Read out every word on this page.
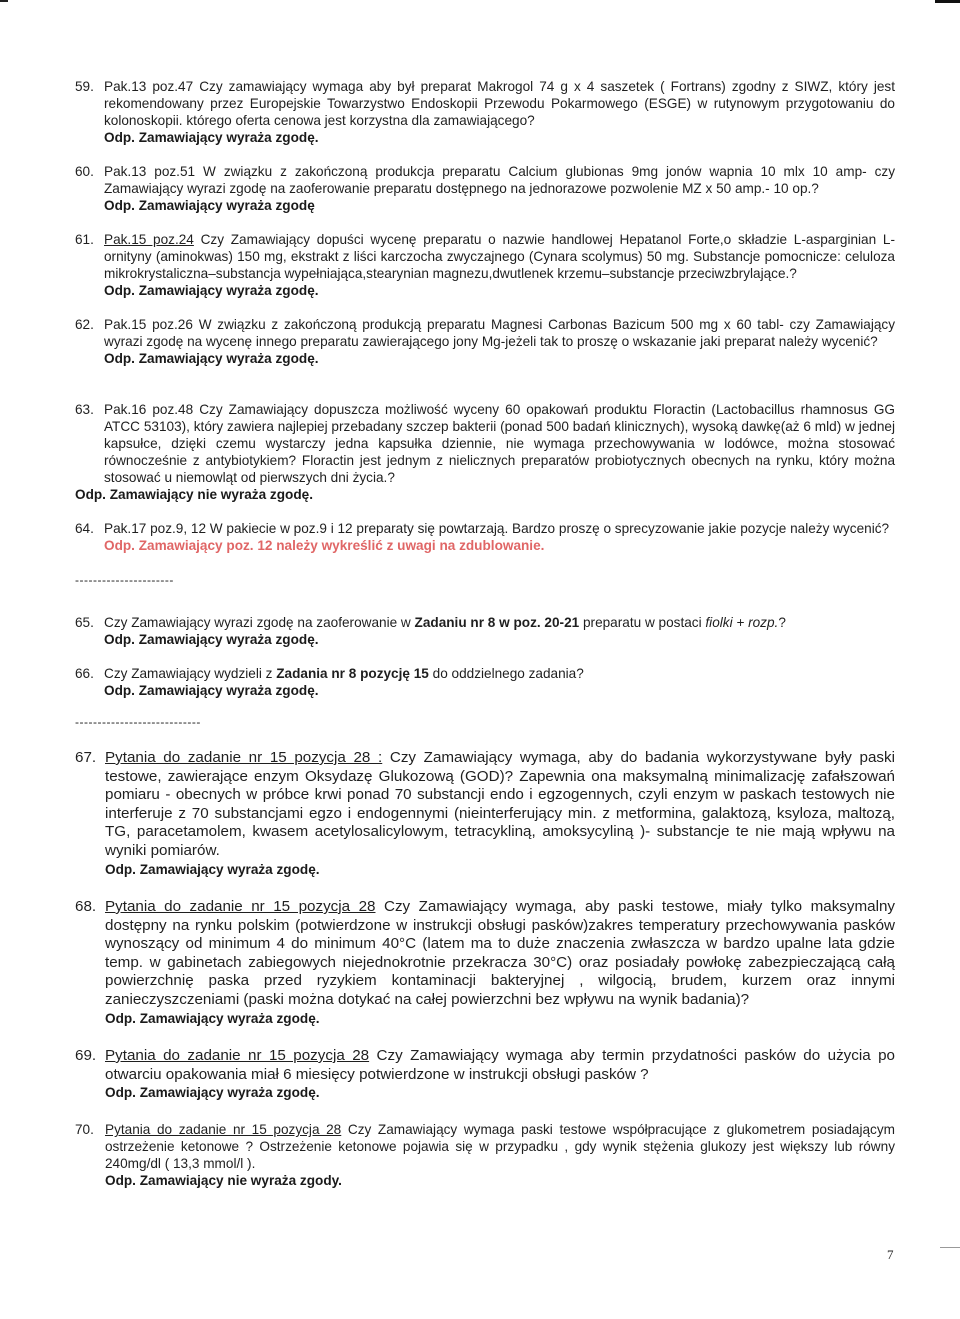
59. Pak.13 poz.47 Czy zamawiający wymaga aby był preparat Makrogol 74 g x 4 saszetek ( Fortrans) zgodny z SIWZ, który jest rekomendowany przez Europejskie Towarzystwo Endoskopii Przewodu Pokarmowego (ESGE) w rutynowym przygotowaniu do kolonoskopii. którego oferta cenowa jest korzystna dla zamawiającego?
Odp. Zamawiający wyraża zgodę.
60. Pak.13 poz.51 W związku z zakończoną produkcja preparatu Calcium glubionas 9mg jonów wapnia 10 mlx 10 amp- czy Zamawiający wyrazi zgodę na zaoferowanie preparatu dostępnego na jednorazowe pozwolenie MZ x 50 amp.- 10 op.?
Odp. Zamawiający wyraża zgodę
61. Pak.15 poz.24 Czy Zamawiający dopuści wycenę preparatu o nazwie handlowej Hepatanol Forte,o składzie L-asparginian L-ornityny (aminokwas) 150 mg, ekstrakt z liści karczocha zwyczajnego (Cynara scolymus) 50 mg. Substancje pomocnicze: celuloza mikrokrystaliczna–substancja wypełniająca,stearynian magnezu,dwutlenek krzemu–substancje przeciwzbrylające.?
Odp. Zamawiający wyraża zgodę.
62. Pak.15 poz.26 W związku z zakończoną produkcją preparatu Magnesi Carbonas Bazicum 500 mg x 60 tabl- czy Zamawiający wyrazi zgodę na wycenę innego preparatu zawierającego jony Mg-jeżeli tak to proszę o wskazanie jaki preparat należy wycenić?
Odp. Zamawiający wyraża zgodę.
63. Pak.16 poz.48 Czy Zamawiający dopuszcza możliwość wyceny 60 opakowań produktu Floractin (Lactobacillus rhamnosus GG ATCC 53103), który zawiera najlepiej przebadany szczep bakterii (ponad 500 badań klinicznych), wysoką dawkę(aż 6 mld) w jednej kapsułce, dzięki czemu wystarczy jedna kapsułka dziennie, nie wymaga przechowywania w lodówce, można stosować równocześnie z antybiotykiem? Floractin jest jednym z nielicznych preparatów probiotycznych obecnych na rynku, który można stosować u niemowląt od pierwszych dni życia.?
Odp. Zamawiający nie wyraża zgodę.
64. Pak.17 poz.9, 12 W pakiecie w poz.9 i 12 preparaty się powtarzają. Bardzo proszę o sprecyzowanie jakie pozycje należy wycenić?
Odp. Zamawiający poz. 12 należy wykreślić z uwagi na zdublowanie.
----------------------
65. Czy Zamawiający wyrazi zgodę na zaoferowanie w Zadaniu nr 8 w poz. 20-21 preparatu w postaci fiolki + rozp.?
Odp. Zamawiający wyraża zgodę.
66. Czy Zamawiający wydzieli z Zadania nr 8 pozycję 15 do oddzielnego zadania?
Odp. Zamawiający wyraża zgodę.
----------------------------
67. Pytania do zadanie nr 15 pozycja 28 : Czy Zamawiający wymaga, aby do badania wykorzystywane były paski testowe, zawierające enzym Oksydazę Glukozową (GOD)? Zapewnia ona maksymalną minimalizację zafałszowań pomiaru - obecnych w próbce krwi ponad 70 substancji endo i egzogennych, czyli enzym w paskach testowych nie interferuje z 70 substancjami egzo i endogennymi (nieinterferujący min. z metformina, galaktozą, ksyloza, maltozą, TG, paracetamolem, kwasem acetylosalicylowym, tetracykliną, amoksycyliną )- substancje te nie mają wpływu na wyniki pomiarów.
Odp. Zamawiający wyraża zgodę.
68. Pytania do zadanie nr 15 pozycja 28 Czy Zamawiający wymaga, aby paski testowe, miały tylko maksymalny dostępny na rynku polskim (potwierdzone w instrukcji obsługi pasków)zakres temperatury przechowywania pasków wynoszący od minimum 4 do minimum 40°C (latem ma to duże znaczenia zwłaszcza w bardzo upalne lata gdzie temp. w gabinetach zabiegowych niejednokrotnie przekracza 30°C) oraz posiadały powłokę zabezpieczającą całą powierzchnię paska przed ryzykiem kontaminacji bakteryjnej , wilgocią, brudem, kurzem oraz innymi zanieczyszczeniami (paski można dotykać na całej powierzchni bez wpływu na wynik badania)?
Odp. Zamawiający wyraża zgodę.
69. Pytania do zadanie nr 15 pozycja 28 Czy Zamawiający wymaga aby termin przydatności pasków do użycia po otwarciu opakowania miał 6 miesięcy potwierdzone w instrukcji obsługi pasków ?
Odp. Zamawiający wyraża zgodę.
70. Pytania do zadanie nr 15 pozycja 28 Czy Zamawiający wymaga paski testowe współpracujące z glukometrem posiadającym ostrzeżenie ketonowe ? Ostrzeżenie ketonowe pojawia się w przypadku , gdy wynik stężenia glukozy jest większy lub równy 240mg/dl ( 13,3 mmol/l ).
Odp. Zamawiający nie wyraża zgody.
7
